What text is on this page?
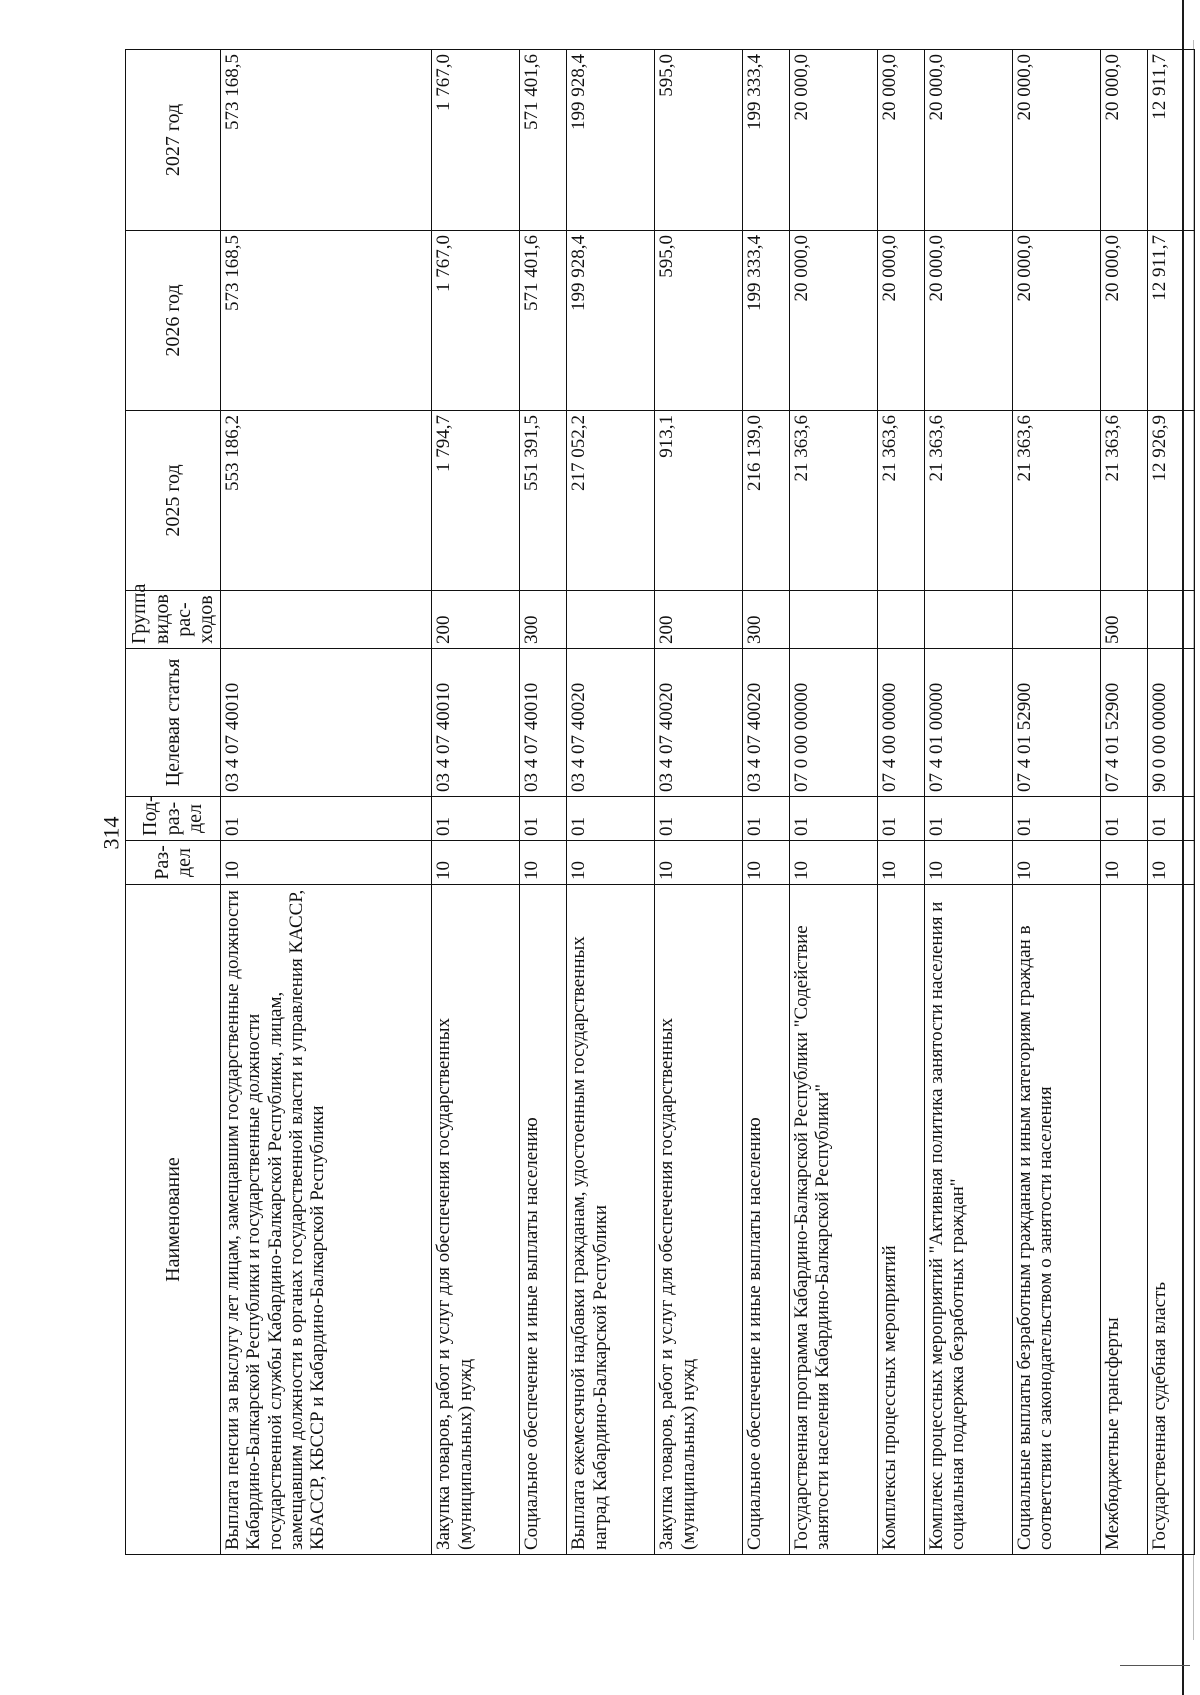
314
Наименование	Раз-дел	Под-раз-дел	Целевая статья	Группа видов рас-ходов	2025 год	2026 год	2027 год
Выплата пенсии за выслугу лет лицам, замещавшим государственные должности Кабардино-Балкарской Республики и государственные должности государственной службы Кабардино-Балкарской Республики, лицам, замещавшим должности в органах государственной власти и управления КАССР, КБАССР, КБССР и Кабардино-Балкарской Республики	10	01	03 4 07 40010		553 186,2	573 168,5	573 168,5
Закупка товаров, работ и услуг для обеспечения государственных (муниципальных) нужд	10	01	03 4 07 40010	200	1 794,7	1 767,0	1 767,0
Социальное обеспечение и иные выплаты населению	10	01	03 4 07 40010	300	551 391,5	571 401,6	571 401,6
Выплата ежемесячной надбавки гражданам, удостоенным государственных наград Кабардино-Балкарской Республики	10	01	03 4 07 40020		217 052,2	199 928,4	199 928,4
Закупка товаров, работ и услуг для обеспечения государственных (муниципальных) нужд	10	01	03 4 07 40020	200	913,1	595,0	595,0
Социальное обеспечение и иные выплаты населению	10	01	03 4 07 40020	300	216 139,0	199 333,4	199 333,4
Государственная программа Кабардино-Балкарской Республики "Содействие занятости населения Кабардино-Балкарской Республики"	10	01	07 0 00 00000		21 363,6	20 000,0	20 000,0
Комплексы процессных мероприятий	10	01	07 4 00 00000		21 363,6	20 000,0	20 000,0
Комплекс процессных мероприятий "Активная политика занятости населения и социальная поддержка безработных граждан"	10	01	07 4 01 00000		21 363,6	20 000,0	20 000,0
Социальные выплаты безработным гражданам и иным категориям граждан в соответствии с законодательством о занятости населения	10	01	07 4 01 52900		21 363,6	20 000,0	20 000,0
Межбюджетные трансферты	10	01	07 4 01 52900	500	21 363,6	20 000,0	20 000,0
Государственная судебная власть	10	01	90 0 00 00000		12 926,9	12 911,7	12 911,7
